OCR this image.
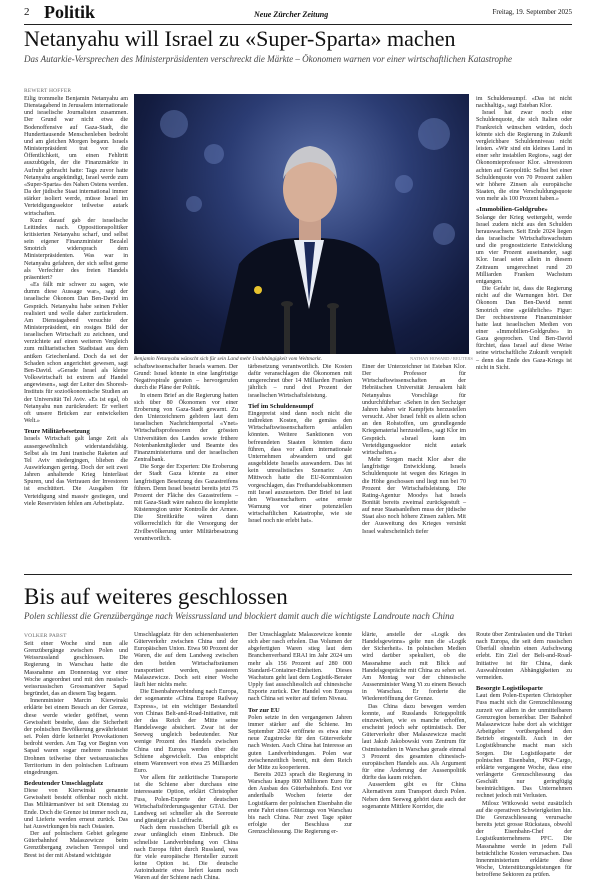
2 Politik	Neue Zürcher Zeitung	Freitag, 19. September 2025
Netanyahu will Israel zu «Super-Sparta» machen

Das Autarkie-Versprechen des Ministerpräsidenten verschreckt die Märkte – Ökonomen warnen vor einer wirtschaftlichen Katastrophe

REWERT HOFFER

Eilig trommelte Benjamin Netanyahu am Dienstagabend in Jerusalem internationale und israelische Journalisten zusammen. Der Grund war nicht etwa die Bodenoffensive auf Gaza-Stadt, die Hunderttausende Menschenleben bedroht und am gleichen Morgen begann. Israels Ministerpräsident trat vor die Öffentlichkeit, um einen Fehltritt auszubügeln, der die Finanzmärkte in Aufruhr gebracht hatte: Tags zuvor hatte Netanyahu angekündigt, Israel werde zum «Super-Sparta» des Nahen Ostens werden. Da der jüdische Staat international immer stärker isoliert werde, müsse Israel im Verteidigungssektor teilweise autark wirtschaften.

Kurz darauf gab der israelische Leitindex nach. Oppositionspolitiker kritisierten Netanyahu scharf, und selbst sein eigener Finanzminister Bezalel Smotrich widersprach dem Ministerpräsidenten. Was war in Netanyahu gefahren, der sich selbst gerne als Verfechter des freien Handels präsentiert?

«Es fällt mir schwer zu sagen, wie dumm diese Aussage war», sagt der israelische Ökonom Dan Ben-David im Gespräch. Netanyahu habe seinen Fehler realisiert und wolle daher zurückrudern. Am Dienstagabend versuchte der Ministerpräsident, ein rosiges Bild der israelischen Wirtschaft zu zeichnen, und verzichtete auf einen weiteren Vergleich zum militaristischen Stadtstaat aus dem antiken Griechenland. Doch da sei der Schaden schon angerichtet gewesen, sagt Ben-David. «Gerade Israel als kleine Volkswirtschaft ist extrem auf Handel angewiesen», sagt der Leiter des Shoresh-Instituts für sozioökonomische Studien an der Universität Tel Aviv. «Es ist egal, ob Netanyahu nun zurückrudert: Er verliert oft unsere Brücken zur entwickelten Welt.»

Teure Militärbesetzung

Israels Wirtschaft galt lange Zeit als aussergewöhnlich widerstandsfähig. Selbst als im Juni iranische Raketen auf Tel Aviv niedergingen, blieben die Auswirkungen gering. Doch der seit zwei Jahren anhaltende Krieg hinterlässt Spuren, und das Vertrauen der Investoren ist erschüttert. Die Ausgaben für Verteidigung sind massiv gestiegen, und viele Reservisten fehlen am Arbeitsplatz.

Benjamin Netanyahu wünscht sich für sein Land mehr Unabhängigkeit vom Weltmarkt.	NATHAN HOWARD / REUTERS

schaftswissenschafter Israels warnen. Der Grund: Israel könnte in eine langfristige Negativspirale geraten – hervorgerufen durch die Pläne der Politik.

In einem Brief an die Regierung hatten sich über 80 Ökonomen vor einer Eroberung von Gaza-Stadt gewarnt. Zu den Unterzeichnern gehören laut dem israelischen Nachrichtenportal «Ynet» Wirtschaftsprofessoren der grössten Universitäten des Landes sowie frühere Notenbankmitglieder und Beamte des Finanzministeriums und der israelischen Zentralbank.

Die Sorge der Experten: Die Eroberung der Stadt Gaza könnte zu einer langfristigen Besetzung des Gazastreifens führen. Denn Israel besetzt bereits jetzt 75 Prozent der Fläche des Gazastreifens – mit Gaza-Stadt wäre nahezu die komplette Küstenregion unter Kontrolle der Armee. Die Streitkräfte wären dann völkerrechtlich für die Versorgung der Zivilbevölkerung unter Militärbesatzung verantwortlich.

tärbesetzung verantwortlich. Die Kosten dafür veranschlagen die Ökonomen mit umgerechnet über 14 Milliarden Franken jährlich – rund drei Prozent der israelischen Wirtschaftsleistung.

Tief im Schuldensumpf

Eingepreist sind dann noch nicht die indirekten Kosten, die gemäss den Wirtschaftswissenschaftern anfallen könnten. Weitere Sanktionen von befreundeten Staaten könnten dazu führen, dass vor allem internationale Unternehmen abwandern und gut ausgebildete Israelis auswandern. Das ist kein unrealistisches Szenario: Am Mittwoch hatte die EU-Kommission vorgeschlagen, das Freihandelsabkommen mit Israel auszusetzen. Der Brief ist laut den Wissenschaftern «eine ernste Warnung vor einer potenziellen wirtschaftlichen Katastrophe, wie sie Israel noch nie erlebt hat».

Einer der Unterzeichner ist Esteban Klor. Der Professor für Wirtschaftswissenschaften an der Hebräischen Universität Jerusalem hält Netanyahus Vorschläge für undurchführbar: «Sehen in den Sechziger Jahren haben wir Kampfjets herzustellen versucht. Aber Israel fehlt es allein schon an den Rohstoffen, um grundlegende Kriegsmaterial herzustellen», sagt Klor im Gespräch. «Israel kann im Verteidigungssektor nicht autark wirtschaften.»

Mehr Sorgen macht Klor aber die langfristige Entwicklung. Israels Schuldenquote ist wegen des Krieges in die Höhe geschossen und liegt nun bei 70 Prozent der Wirtschaftsleistung. Die Rating-Agentur Moodys hat Israels Bonität bereits zweimal zurückgestuft – auf neue Staatsanleihen muss der jüdische Staat also noch höhere Zinsen zahlen. Mit der Ausweitung des Krieges versinkt Israel wahrscheinlich tiefer

im Schuldensumpf. «Das ist nicht nachhaltig», sagt Esteban Klor.

Israel hat zwar noch eine Schuldenquote, die sich Italien oder Frankreich wünschen würden, doch könnte sich die Regierung in Zukunft vergleichbare Schuldenniveau nicht leisten. «Wir sind ein kleines Land in einer sehr instabilen Region», sagt der Ökonomieprofessor Klor. «Investoren achten auf Geopolitik: Selbst bei einer Schuldenquote von 70 Prozent zahlen wir höhere Zinsen als europäische Staaten, die eine Verschuldungsquote von mehr als 100 Prozent haben.»

«Immobilien-Goldgrube»

Solange der Krieg weitergeht, werde Israel zudem nicht aus den Schulden herauswachsen. Seit Ende 2024 liegen das israelische Wirtschaftswachstum und die prognostizierte Entwicklung um vier Prozent auseinander, sagt Klor. Israel seien allein in diesem Zeitraum umgerechnet rund 20 Milliarden Franken Wachstum entgangen.

Die Gefahr ist, dass die Regierung nicht auf die Warnungen hört. Der Ökonom Dan Ben-David nennt Smotrich eine «gefährliche» Figur: Der rechtsextreme Finanzminister hatte laut israelischen Medien von einer «Immobilien-Goldgrube» in Gaza gesprochen. Und Ben-David fürchtet, dass Israel auf diese Weise seine wirtschaftliche Zukunft verspielt – denn das Ende des Gaza-Kriegs ist nicht in Sicht.

Bis auf weiteres geschlossen

Polen schliesst die Grenzübergänge nach Weissrussland und blockiert damit auch die wichtigste Landroute nach China

VOLKER PABST

Seit einer Woche sind nun alle Grenzübergänge zwischen Polen und Weissrussland geschlossen. Die Regierung in Warschau hatte die Massnahme am Donnerstag vor einer Woche angeordnet und mit den russisch-weissrussischen Grossmanöver Sapad begründet, das an diesem Tag begann.

Innenminister Marcin Kierwinski erklärte bei einem Besuch an der Grenze, diese werde wieder geöffnet, wenn Gewissheit bestehe, dass die Sicherheit der polnischen Bevölkerung gewährleistet sei. Polen dürfe keinerlei Provokationen bedroht werden. Am Tag vor Beginn von Sapad waren sogar mehrere russische Drohnen teilweise über weissrussisches Territorium in den polnischen Luftraum eingedrungen.

Bedeutender Umschlagplatz

Diese von Kierwinski genannte Gewissheit besteht offenbar noch nicht. Das Militärmanöver ist seit Dienstag zu Ende. Doch die Grenze ist immer noch zu, und Lieferte werden erneut zurück. Das hat Auswirkungen bis nach Ostasien.

Der auf polnischem Gebiet gelegene Güterbahnhof Malaszewicze beim Grenzübergang zwischen Terespol und Brest ist der mit Abstand wichtigste

Umschlagplatz für den schienenbasierten Güterverkehr zwischen China und der Europäischen Union. Etwa 90 Prozent der Waren, die auf dem Landweg zwischen den beiden Wirtschaftsräumen transportiert werden, passieren Malaszewicze. Doch seit einer Woche läuft hier nichts mehr.

Die Eisenbahnverbindung nach Europa, der sogenannte «China Europe Railway Express», ist ein wichtiger Bestandteil von Chinas Belt-and-Road-Initiative, mit der das Reich der Mitte seine Handelswege absichert. Zwar ist der Seeweg ungleich bedeutender. Nur wenige Prozent des Handels zwischen China und Europa werden über die Schiene abgewickelt. Das entspricht einem Warenwert von etwa 25 Milliarden Euro.

Vor allem für zeitkritische Transporte ist die Schiene aber durchaus eine interessante Option, erklärt Christopher Fuss, Polen-Experte der deutschen Wirtschaftsförderungsagentur GTAI. Der Landweg sei schneller als die Seeroute und günstiger als Luftfracht.

Nach dem russischen Überfall gilt es zwar unfänglich einen Einbruch. Die schnellste Landverbindung von China nach Europa führt durch Russland, was für viele europäische Hersteller zurzeit keine Option ist. Die deutsche Autoindustrie etwa liefert kaum noch Waren auf der Schiene nach China.

Der Umschlagplatz Malaszewicze konnte sich aber rasch erholen. Das Volumen der abgefertigten Waren stieg laut dem Branchenverband ERAI im Jahr 2024 um mehr als 156 Prozent auf 280 000 Standard-Container-Einheiten. Dieses Wachstum geht laut dem Logistik-Berater Upply fast ausschliesslich auf chinesische Exporte zurück. Der Handel von Europa nach China sei weiter auf tiefem Niveau.

Tor zur EU

Polen setzte in den vergangenen Jahren immer stärker auf die Schiene. Im September 2024 eröffnete es etwa eine neue Zugstrecke für den Güterverkehr nach Westen. Auch China hat Interesse an guten Landverbindungen. Polen war zwischenzeitlich bereit, mit dem Reich der Mitte zu kooperieren.

Bereits 2023 sprach die Regierung in Warschau knapp 800 Millionen Euro für den Ausbau des Güterbahnhofs. Erst vor anderthalb Wochen feierte der Logistikarm der polnischen Eisenbahn die erste Fahrt eines Güterzugs von Warschau bis nach China. Nur zwei Tage später erfolgte der Beschluss zur Grenzschliessung. Die Regierung er-

klärte, anstelle der «Logik des Handelsgewinns» gelte nun die «Logik der Sicherheit». In polnischen Medien wird darüber spekuliert, ob die Massnahme auch mit Blick auf Handelsgespräche mit China zu sehen sei. Am Montag war der chinesische Aussenminister Wang Yi zu einem Besuch in Warschau. Er forderte die Wiedereröffnung der Grenze.

Das China dazu bewegen werden konnte, auf Russlands Kriegspolitik einzuwirken, wie es manche erhoffen, erscheint jedoch sehr optimistisch. Der Güterverkehr über Malaszewicze macht laut Jakub Jakobowski vom Zentrum für Ostmisstudien in Warschau gerade einmal 3 Prozent des gesamten chinesisch-europäischen Handels aus. Als Argument für eine Änderung der Aussenpolitik dürfte das kaum reichen.

Ausserdem gibt es für China Alternativen zum Transport durch Polen. Neben dem Seeweg gehört dazu auch der sogenannte Mittlere Korridor, die

Route über Zentralasien und die Türkei nach Europa, die seit dem russischen Überfall ohnehin einen Aufschwung erlebt. Ein Ziel der Belt-and-Road-Initiative ist für China, dank Auswahlrouten Abhängigkeiten zu vermeiden.

Besorgte Logistiksparte

Laut dem Polen-Experten Christopher Fuss macht sich die Grenzschliessung zurzeit vor allem in der unmittelbaren Grenzregion bemerkbar. Der Bahnhof Malaszewicze habe dort als wichtiger Arbeitgeber vorübergehend den Betrieb eingestellt. Auch in der Logistikbranche macht man sich Sorgen. Die Logistiksparte der polnischen Eisenbahn, PKP-Cargo, erklärte vergangene Woche, dass eine verlängerte Grenzschliessung das Geschäft nur geringfügig beeinträchtigen. Das Unternehmen rechnet jedoch mit Verlusten.

Milosz Witkowski weist zusätzlich auf die operativen Schwierigkeiten hin. Die Grenzschliessung verursache bereits jetzt grosse Rückstaus, obwohl der Eisenbahn-Chef der Logistikunternehmens PFC. Die Massnahme werde in jedem Fall beträchtliche Kosten verursachen. Das Innenministerium erklärte diese Woche, Unterstützungsleistungen für betroffene Sektoren zu prüfen.
